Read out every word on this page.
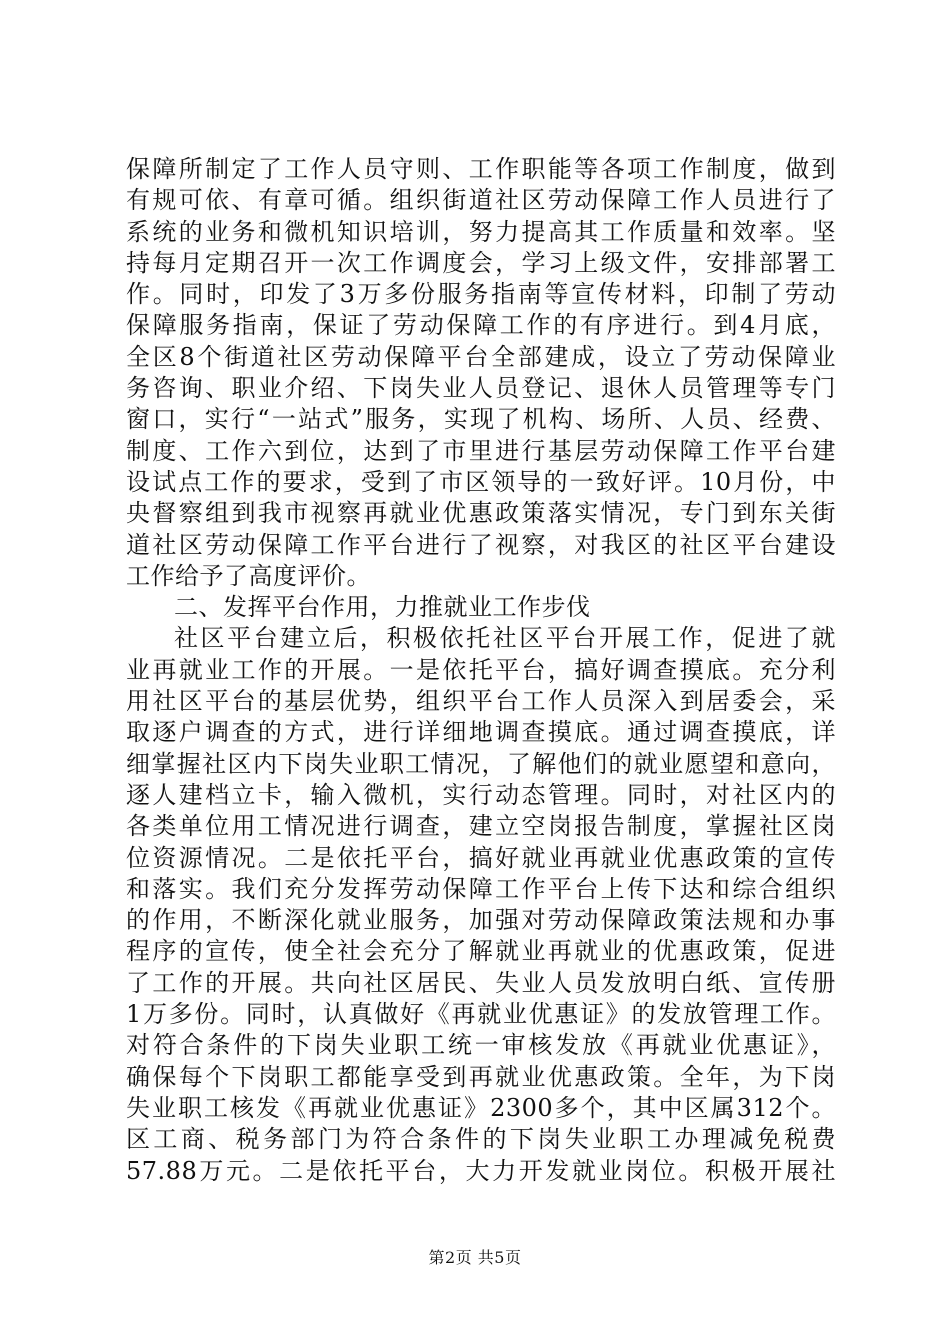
保障所制定了工作人员守则、工作职能等各项工作制度，做到
有规可依、有章可循。组织街道社区劳动保障工作人员进行了
系统的业务和微机知识培训，努力提高其工作质量和效率。坚
持每月定期召开一次工作调度会，学习上级文件，安排部署工
作。同时，印发了3万多份服务指南等宣传材料，印制了劳动
保障服务指南，保证了劳动保障工作的有序进行。到4月底，
全区8个街道社区劳动保障平台全部建成，设立了劳动保障业
务咨询、职业介绍、下岗失业人员登记、退休人员管理等专门
窗口，实行“一站式”服务，实现了机构、场所、人员、经费、
制度、工作六到位，达到了市里进行基层劳动保障工作平台建
设试点工作的要求，受到了市区领导的一致好评。10月份，中
央督察组到我市视察再就业优惠政策落实情况，专门到东关街
道社区劳动保障工作平台进行了视察，对我区的社区平台建设
工作给予了高度评价。
二、发挥平台作用，力推就业工作步伐
社区平台建立后，积极依托社区平台开展工作，促进了就
业再就业工作的开展。一是依托平台，搞好调查摸底。充分利
用社区平台的基层优势，组织平台工作人员深入到居委会，采
取逐户调查的方式，进行详细地调查摸底。通过调查摸底，详
细掌握社区内下岗失业职工情况，了解他们的就业愿望和意向，
逐人建档立卡，输入微机，实行动态管理。同时，对社区内的
各类单位用工情况进行调查，建立空岗报告制度，掌握社区岗
位资源情况。二是依托平台，搞好就业再就业优惠政策的宣传
和落实。我们充分发挥劳动保障工作平台上传下达和综合组织
的作用，不断深化就业服务，加强对劳动保障政策法规和办事
程序的宣传，使全社会充分了解就业再就业的优惠政策，促进
了工作的开展。共向社区居民、失业人员发放明白纸、宣传册
1万多份。同时，认真做好《再就业优惠证》的发放管理工作。
对符合条件的下岗失业职工统一审核发放《再就业优惠证》，
确保每个下岗职工都能享受到再就业优惠政策。全年，为下岗
失业职工核发《再就业优惠证》2300多个，其中区属312个。
区工商、税务部门为符合条件的下岗失业职工办理减免税费
57.88万元。二是依托平台，大力开发就业岗位。积极开展社
第2页 共5页
